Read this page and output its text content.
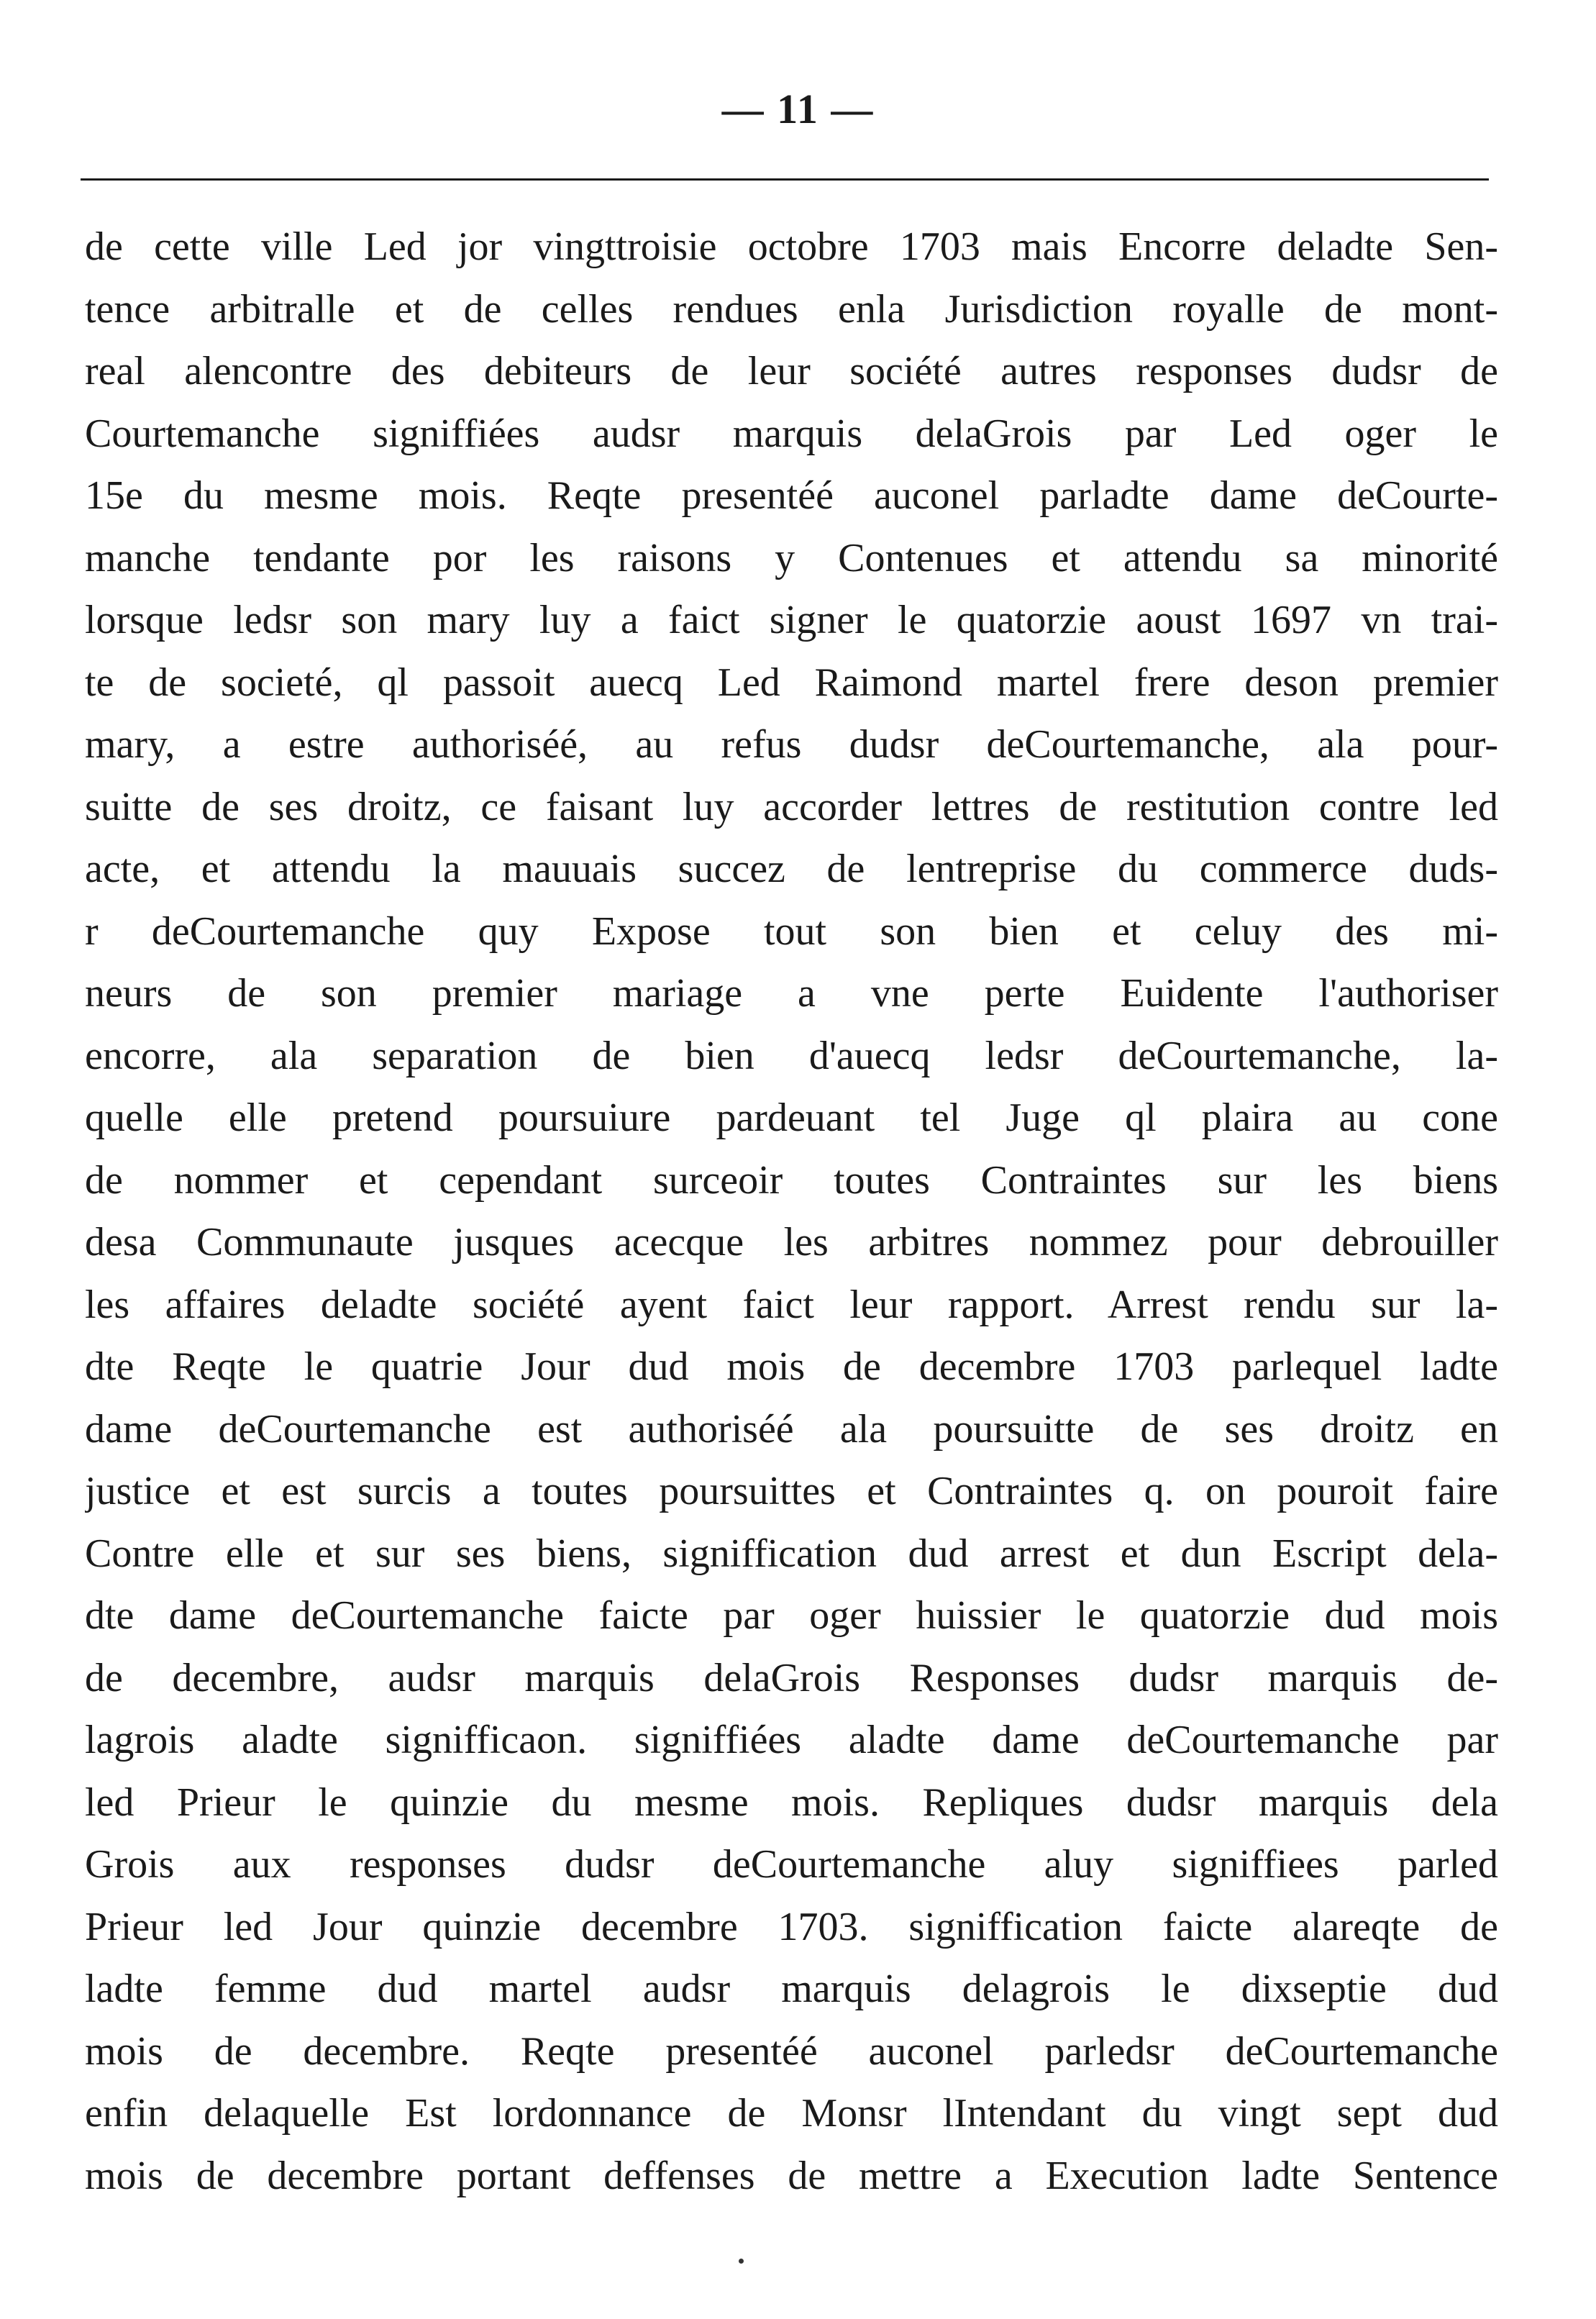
— 11 —
de cette ville Led jor vingttroisie octobre 1703 mais Encorre deladte Sen-
tence arbitralle et de celles rendues enla Jurisdiction royalle de mont-
real alencontre des debiteurs de leur société autres responses dudsr de
Courtemanche signiffiées audsr marquis delaGrois par Led oger le
15e du mesme mois. Reqte presentéé auconel parladte dame deCourte-
manche tendante por les raisons y Contenues et attendu sa minorité
lorsque ledsr son mary luy a faict signer le quatorzie aoust 1697 vn trai-
te de societé, ql passoit auecq Led Raimond martel frere deson premier
mary, a estre authoriséé, au refus dudsr deCourtemanche, ala pour-
suitte de ses droitz, ce faisant luy accorder lettres de restitution contre led
acte, et attendu la mauuais succez de lentreprise du commerce duds-
r deCourtemanche quy Expose tout son bien et celuy des mi-
neurs de son premier mariage a vne perte Euidente l'authoriser
encorre, ala separation de bien d'auecq ledsr deCourtemanche, la-
quelle elle pretend poursuiure pardeuant tel Juge ql plaira au cone
de nommer et cependant surceoir toutes Contraintes sur les biens
desa Communaute jusques acecque les arbitres nommez pour debrouiller
les affaires deladte société ayent faict leur rapport. Arrest rendu sur la-
dte Reqte le quatrie Jour dud mois de decembre 1703 parlequel ladte
dame deCourtemanche est authoriséé ala poursuitte de ses droitz en
justice et est surcis a toutes poursuittes et Contraintes q. on pouroit faire
Contre elle et sur ses biens, signiffication dud arrest et dun Escript dela-
dte dame deCourtemanche faicte par oger huissier le quatorzie dud mois
de decembre, audsr marquis delaGrois Responses dudsr marquis de-
lagrois aladte signifficaon. signiffiées aladte dame deCourtemanche par
led Prieur le quinzie du mesme mois. Repliques dudsr marquis dela
Grois aux responses dudsr deCourtemanche aluy signiffiees parled
Prieur led Jour quinzie decembre 1703. signiffication faicte alareqte de
ladte femme dud martel audsr marquis delagrois le dixseptie dud
mois de decembre. Reqte presentéé auconel parledsr deCourtemanche
enfin delaquelle Est lordonnance de Monsr lIntendant du vingt sept dud
mois de decembre portant deffenses de mettre a Execution ladte Sentence
